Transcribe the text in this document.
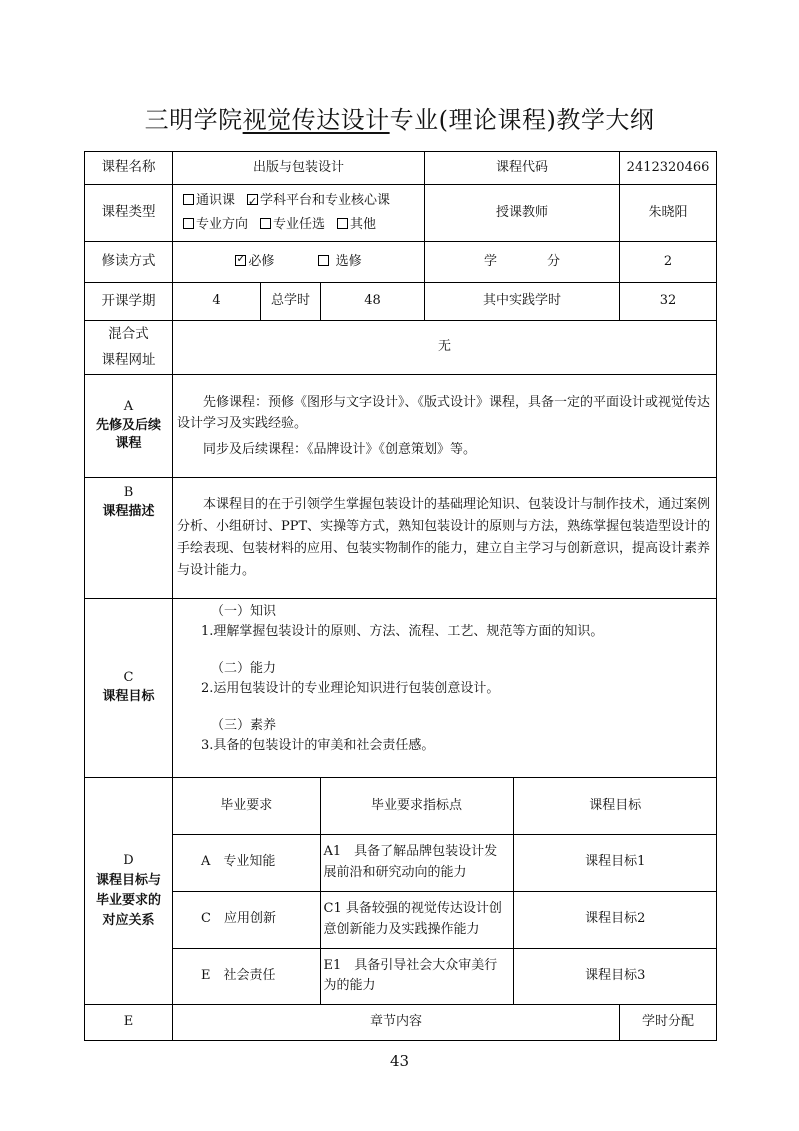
三明学院视觉传达设计专业(理论课程)教学大纲
课程名称	出版与包装设计	课程代码	2412320466
课程类型	
通识课✓ 学科平台和专业核心课
专业方向 专业任选 其他
	授课教师	朱晓阳
修读方式	✓必修	选修	学	分	2
开课学期	4	总学时	48	其中实践学时	32

混合式
课程网址
	无

A
先修及后续
课程

先修课程：预修《图形与文字设计》、《版式设计》课程，具备一定的平面设计或视觉传达设计学习及实践经验。

同步及后续课程：《品牌设计》《创意策划》等。

B
课程描述	本课程目的在于引领学生掌握包装设计的基础理论知识、包装设计与制作技术，通过案例分析、小组研讨、PPT、实操等方式，熟知包装设计的原则与方法，熟练掌握包装造型设计的手绘表现、包装材料的应用、包装实物制作的能力，建立自主学习与创新意识，提高设计素养与设计能力。

C
课程目标

（一）知识
1.理解掌握包装设计的原则、方法、流程、工艺、规范等方面的知识。
（二）能力
2.运用包装设计的专业理论知识进行包装创意设计。
（三）素养
3.具备的包装设计的审美和社会责任感。

D
课程目标与
毕业要求的
对应关系

毕业要求	毕业要求指标点	课程目标
A　专业知能	A1　具备了解品牌包装设计发展前沿和研究动向的能力	课程目标1
C　应用创新	C1 具备较强的视觉传达设计创意创新能力及实践操作能力	课程目标2
E　社会责任	E1　具备引导社会大众审美行为的能力	课程目标3

E	章节内容	学时分配
43
